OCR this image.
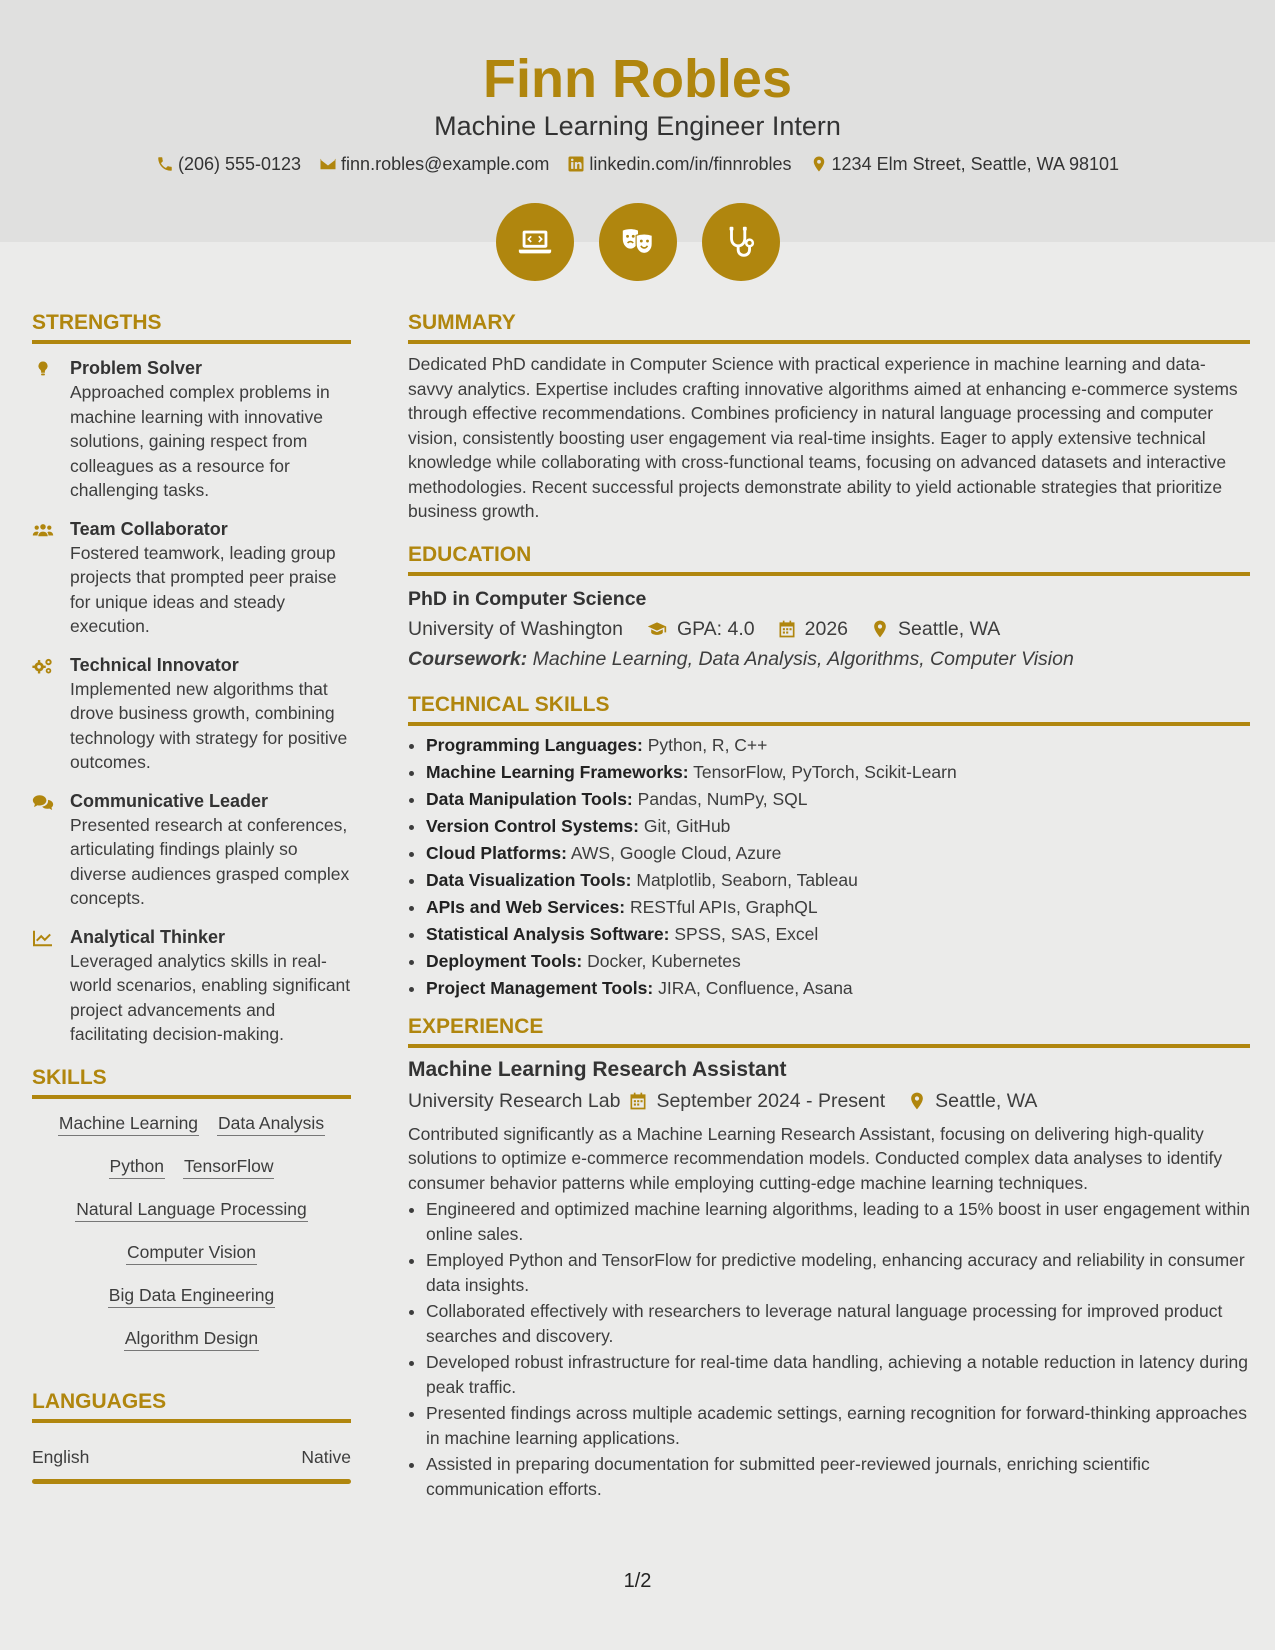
Finn Robles
Machine Learning Engineer Intern
(206) 555-0123 finn.robles@example.com linkedin.com/in/finnrobles 1234 Elm Street, Seattle, WA 98101
STRENGTHS
Problem Solver
Approached complex problems in machine learning with innovative solutions, gaining respect from colleagues as a resource for challenging tasks.
Team Collaborator
Fostered teamwork, leading group projects that prompted peer praise for unique ideas and steady execution.
Technical Innovator
Implemented new algorithms that drove business growth, combining technology with strategy for positive outcomes.
Communicative Leader
Presented research at conferences, articulating findings plainly so diverse audiences grasped complex concepts.
Analytical Thinker
Leveraged analytics skills in real-world scenarios, enabling significant project advancements and facilitating decision-making.
SKILLS
Machine Learning Data Analysis
Python TensorFlow
Natural Language Processing
Computer Vision
Big Data Engineering
Algorithm Design
LANGUAGES
English	Native
SUMMARY

Dedicated PhD candidate in Computer Science with practical experience in machine learning and data-savvy analytics. Expertise includes crafting innovative algorithms aimed at enhancing e-commerce systems through effective recommendations. Combines proficiency in natural language processing and computer vision, consistently boosting user engagement via real-time insights. Eager to apply extensive technical knowledge while collaborating with cross-functional teams, focusing on advanced datasets and interactive methodologies. Recent successful projects demonstrate ability to yield actionable strategies that prioritize business growth.

EDUCATION
PhD in Computer Science
University of Washington	GPA: 4.0	2026	Seattle, WA
Coursework: Machine Learning, Data Analysis, Algorithms, Computer Vision
TECHNICAL SKILLS
• Programming Languages: Python, R, C++
• Machine Learning Frameworks: TensorFlow, PyTorch, Scikit-Learn
• Data Manipulation Tools: Pandas, NumPy, SQL
• Version Control Systems: Git, GitHub
• Cloud Platforms: AWS, Google Cloud, Azure
• Data Visualization Tools: Matplotlib, Seaborn, Tableau
• APIs and Web Services: RESTful APIs, GraphQL
• Statistical Analysis Software: SPSS, SAS, Excel
• Deployment Tools: Docker, Kubernetes
• Project Management Tools: JIRA, Confluence, Asana
EXPERIENCE
Machine Learning Research Assistant
University Research Lab September 2024 - Present	Seattle, WA

Contributed significantly as a Machine Learning Research Assistant, focusing on delivering high-quality solutions to optimize e-commerce recommendation models. Conducted complex data analyses to identify consumer behavior patterns while employing cutting-edge machine learning techniques.

• Engineered and optimized machine learning algorithms, leading to a 15% boost in user engagement within online sales.
• Employed Python and TensorFlow for predictive modeling, enhancing accuracy and reliability in consumer data insights.
• Collaborated effectively with researchers to leverage natural language processing for improved product searches and discovery.
• Developed robust infrastructure for real-time data handling, achieving a notable reduction in latency during peak traffic.
• Presented findings across multiple academic settings, earning recognition for forward-thinking approaches in machine learning applications.
• Assisted in preparing documentation for submitted peer-reviewed journals, enriching scientific communication efforts.
1/2
